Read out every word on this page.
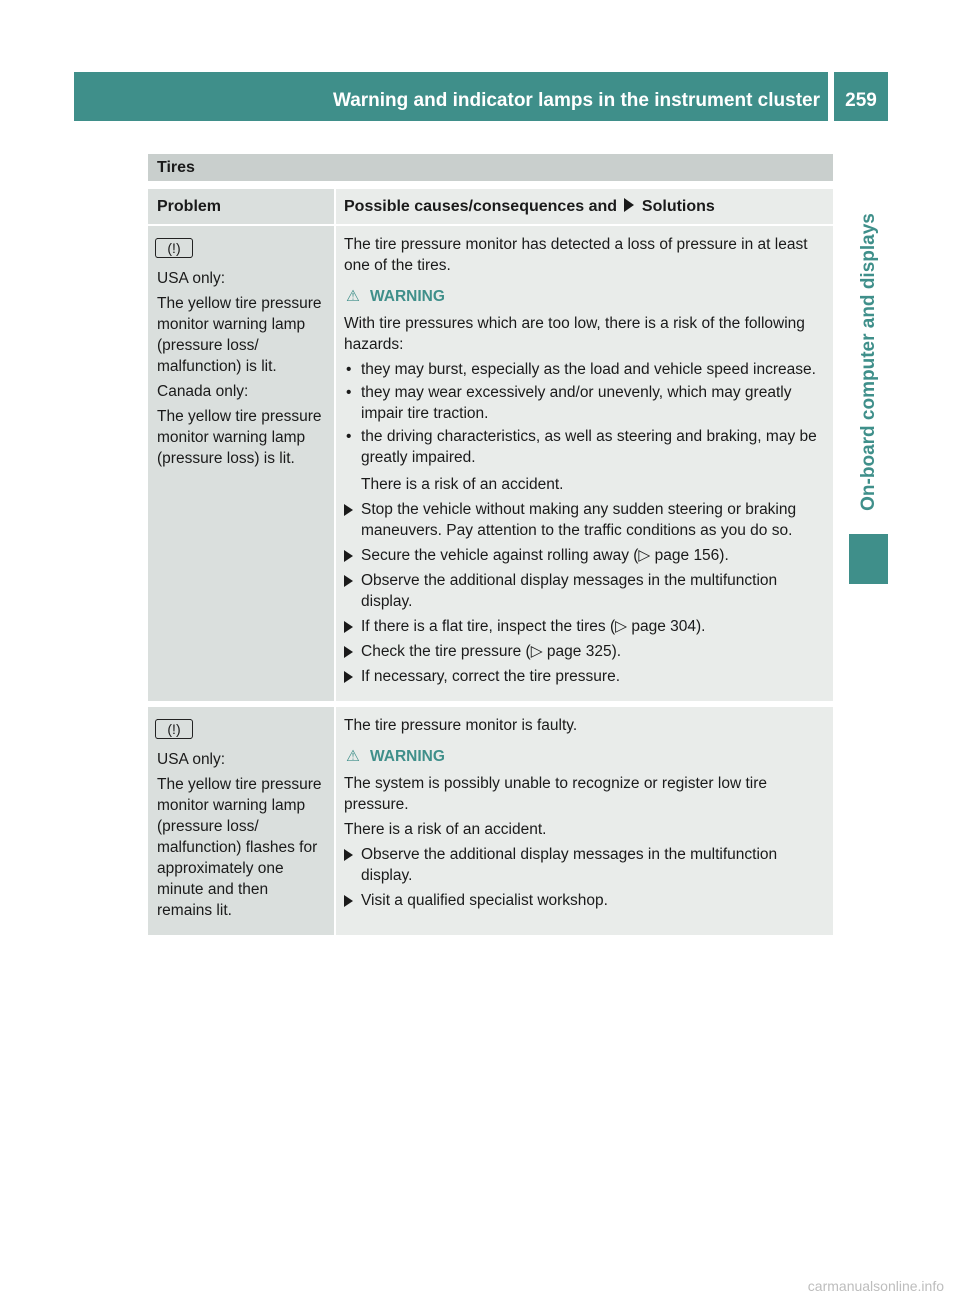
Warning and indicator lamps in the instrument cluster 259
On-board computer and displays
Tires
Problem	Possible causes/consequences and Solutions
(!)

USA only:

The yellow tire pressure monitor warning lamp (pressure loss/ malfunction) is lit.

Canada only:

The yellow tire pressure monitor warning lamp (pressure loss) is lit.

The tire pressure monitor has detected a loss of pressure in at least one of the tires.

⚠ WARNING

With tire pressures which are too low, there is a risk of the following hazards:

• they may burst, especially as the load and vehicle speed increase.
• they may wear excessively and/or unevenly, which may greatly impair tire traction.
• the driving characteristics, as well as steering and braking, may be greatly impaired.

There is a risk of an accident.

Stop the vehicle without making any sudden steering or braking maneuvers. Pay attention to the traffic conditions as you do so.
Secure the vehicle against rolling away (▷ page 156).
Observe the additional display messages in the multifunction display.
If there is a flat tire, inspect the tires (▷ page 304).
Check the tire pressure (▷ page 325).
If necessary, correct the tire pressure.
(!)

USA only:

The yellow tire pressure monitor warning lamp (pressure loss/ malfunction) flashes for approximately one minute and then remains lit.

The tire pressure monitor is faulty.

⚠ WARNING

The system is possibly unable to recognize or register low tire pressure.

There is a risk of an accident.

Observe the additional display messages in the multifunction display.
Visit a qualified specialist workshop.
carmanualsonline.info
